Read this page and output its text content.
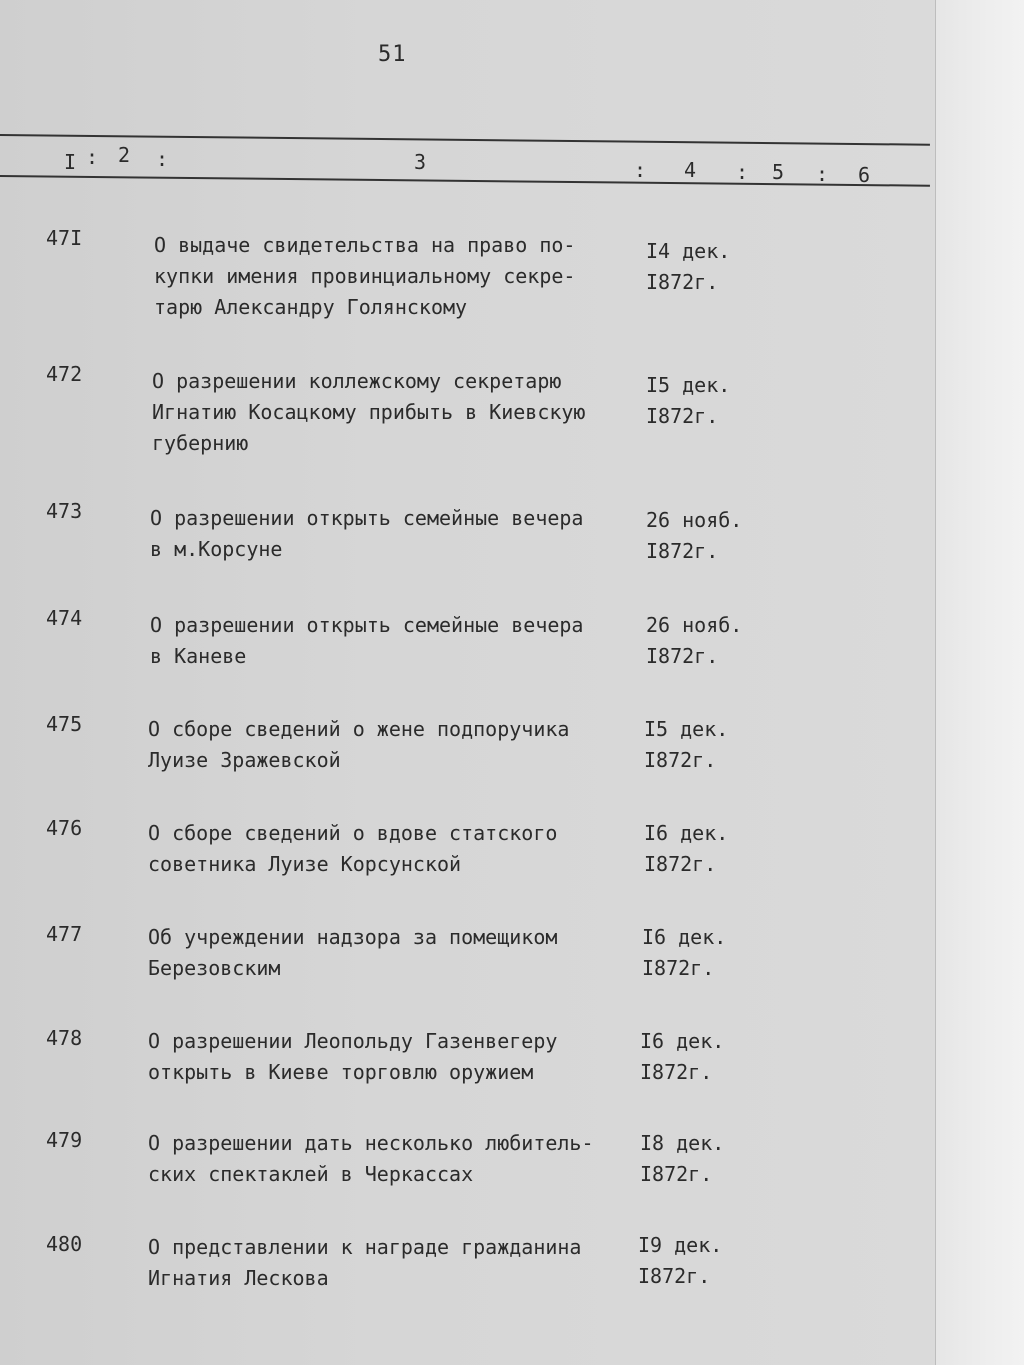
51
I : 2 :	3	: 4 : 5 : 6
47I	О выдаче свидетельства на право по-
купки имения провинциальному секре-
тарю Александру Голянскому
I4 дек.
I872г.
472	О разрешении коллежскому секретарю
Игнатию Косацкому прибыть в Киевскую
губернию
I5 дек.
I872г.
473	О разрешении открыть семейные вечера
в м.Корсуне
26 нояб.
I872г.
474	О разрешении открыть семейные вечера
в Каневе
26 нояб.
I872г.
475	О сборе сведений о жене подпоручика
Луизе Зражевской
I5 дек.
I872г.
476	О сборе сведений о вдове статского
советника Луизе Корсунской
I6 дек.
I872г.
477	Об учреждении надзора за помещиком
Березовским
I6 дек.
I872г.
478	О разрешении Леопольду Газенвегеру
открыть в Киеве торговлю оружием
I6 дек.
I872г.
479	О разрешении дать несколько любитель-
ских спектаклей в Черкассах
I8 дек.
I872г.
480	О представлении к награде гражданина
Игнатия Лескова
I9 дек.
I872г.
